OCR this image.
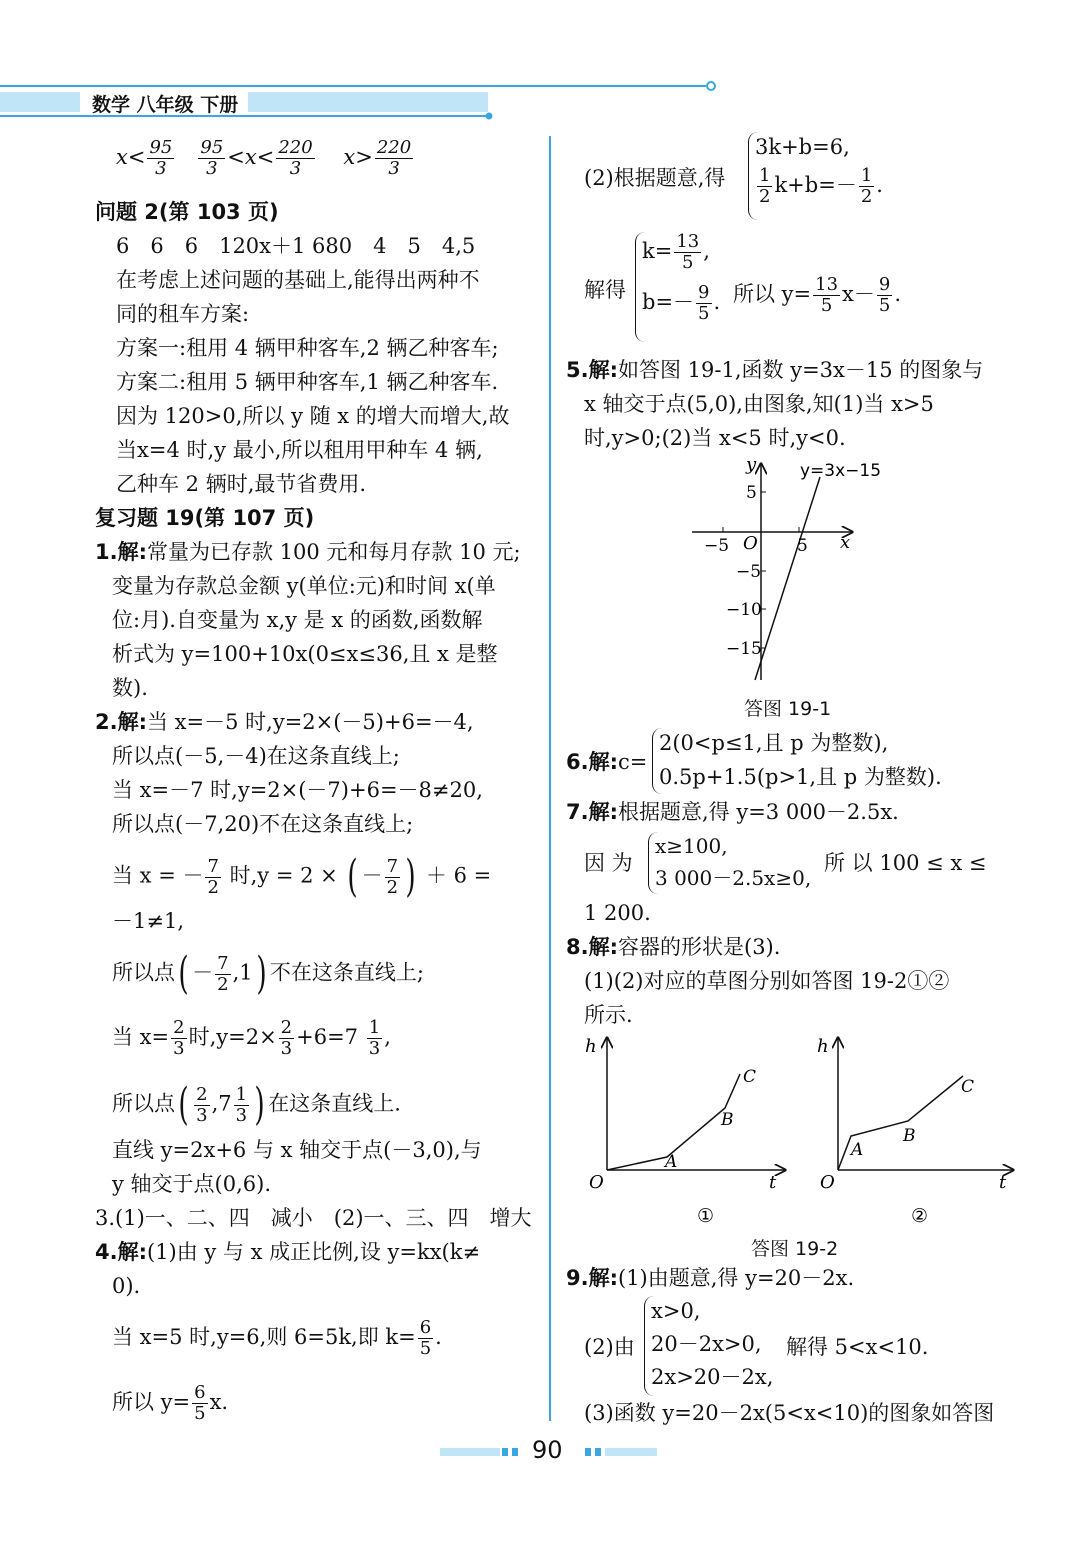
数学 八年级 下册
$x< \frac{95}{3}$
$\frac{95}{3} <x< \frac{220}{3} x> \frac{220}{3}$
问题 2(第 103 页)
6　6　6　120x＋1 680　4　5　4,5
在考虑上述问题的基础上,能得出两种不
同的租车方案:
方案一:租用 4 辆甲种客车,2 辆乙种客车;
方案二:租用 5 辆甲种客车,1 辆乙种客车.
因为 120>0,所以 y 随 x 的增大而增大,故
当x=4 时,y 最小,所以租用甲种车 4 辆,
乙种车 2 辆时,最节省费用.
复习题 19(第 107 页)
1.解:常量为已存款 100 元和每月存款 10 元;
变量为存款总金额 y(单位:元)和时间 x(单
位:月).自变量为 x,y 是 x 的函数,函数解
析式为 y=100+10x(0≤x≤36,且 x 是整
数).
2.解:当 x=－5 时,y=2×(－5)+6=－4,
所以点(－5,－4)在这条直线上;
当 x=－7 时,y=2×(－7)+6=－8≠20,
所以点(－7,20)不在这条直线上;
当 x = － $\frac{7}{2}$ 时,y = 2 × ( － $\frac{7}{2}$ ) ＋ 6 =
－1≠1,
所以点( － $\frac{7}{2} ,1$) 不在这条直线上;
当 $x= \frac{2}{3}$ 时$,y=2\times \frac{2}{3} +6=7 \frac{1}{3}$ ,
所以点( $\frac{2}{3} ,7 \frac{1}{3}$ ) 在这条直线上.
直线 y=2x+6 与 x 轴交于点(－3,0),与
y 轴交于点(0,6).
3.(1)一、二、四　减小　(2)一、三、四　增大
4.解:(1)由 y 与 x 成正比例,设 y=kx(k≠
0).
当 x=5 时,y=6,则 6=5k,即 $k= \frac{6}{5}$ .
所以 $y= \frac{6}{5} x$.
(2)根据题意,得
3k+b=6,
$\frac{1}{2} k+b=- \frac{1}{2}$ .
解得
$k= \frac{13}{5}$ ,
$b=- \frac{9}{5}$ . 所以 $y= \frac{13}{5} x- \frac{9}{5}$ .
5.解:如答图 19-1,函数 y=3x－15 的图象与
x 轴交于点(5,0),由图象,知(1)当 x>5
时,y>0;(2)当 x<5 时,y<0.
y
x
O
y=3x−15
5
−5	5
−5
−10
−15
答图 19-1
6.解:c=
2(0<p≤1,且 p 为整数),
0.5p+1.5(p>1,且 p 为整数).
7.解:根据题意,得 y=3 000－2.5x.
因 为
x≥100,
3 000－2.5x≥0,
所 以 100 ≤ x ≤
1 200.
8.解:容器的形状是(3).
(1)(2)对应的草图分别如答图 19-2①②
所示.
h
t
O
A
B
C
①
h
t
O
A
B
C
②
答图 19-2
9.解:(1)由题意,得 y=20－2x.
(2)由
x>0,
20－2x>0,
2x>20－2x,
解得 5<x<10.
(3)函数 y=20－2x(5<x<10)的图象如答图
90
